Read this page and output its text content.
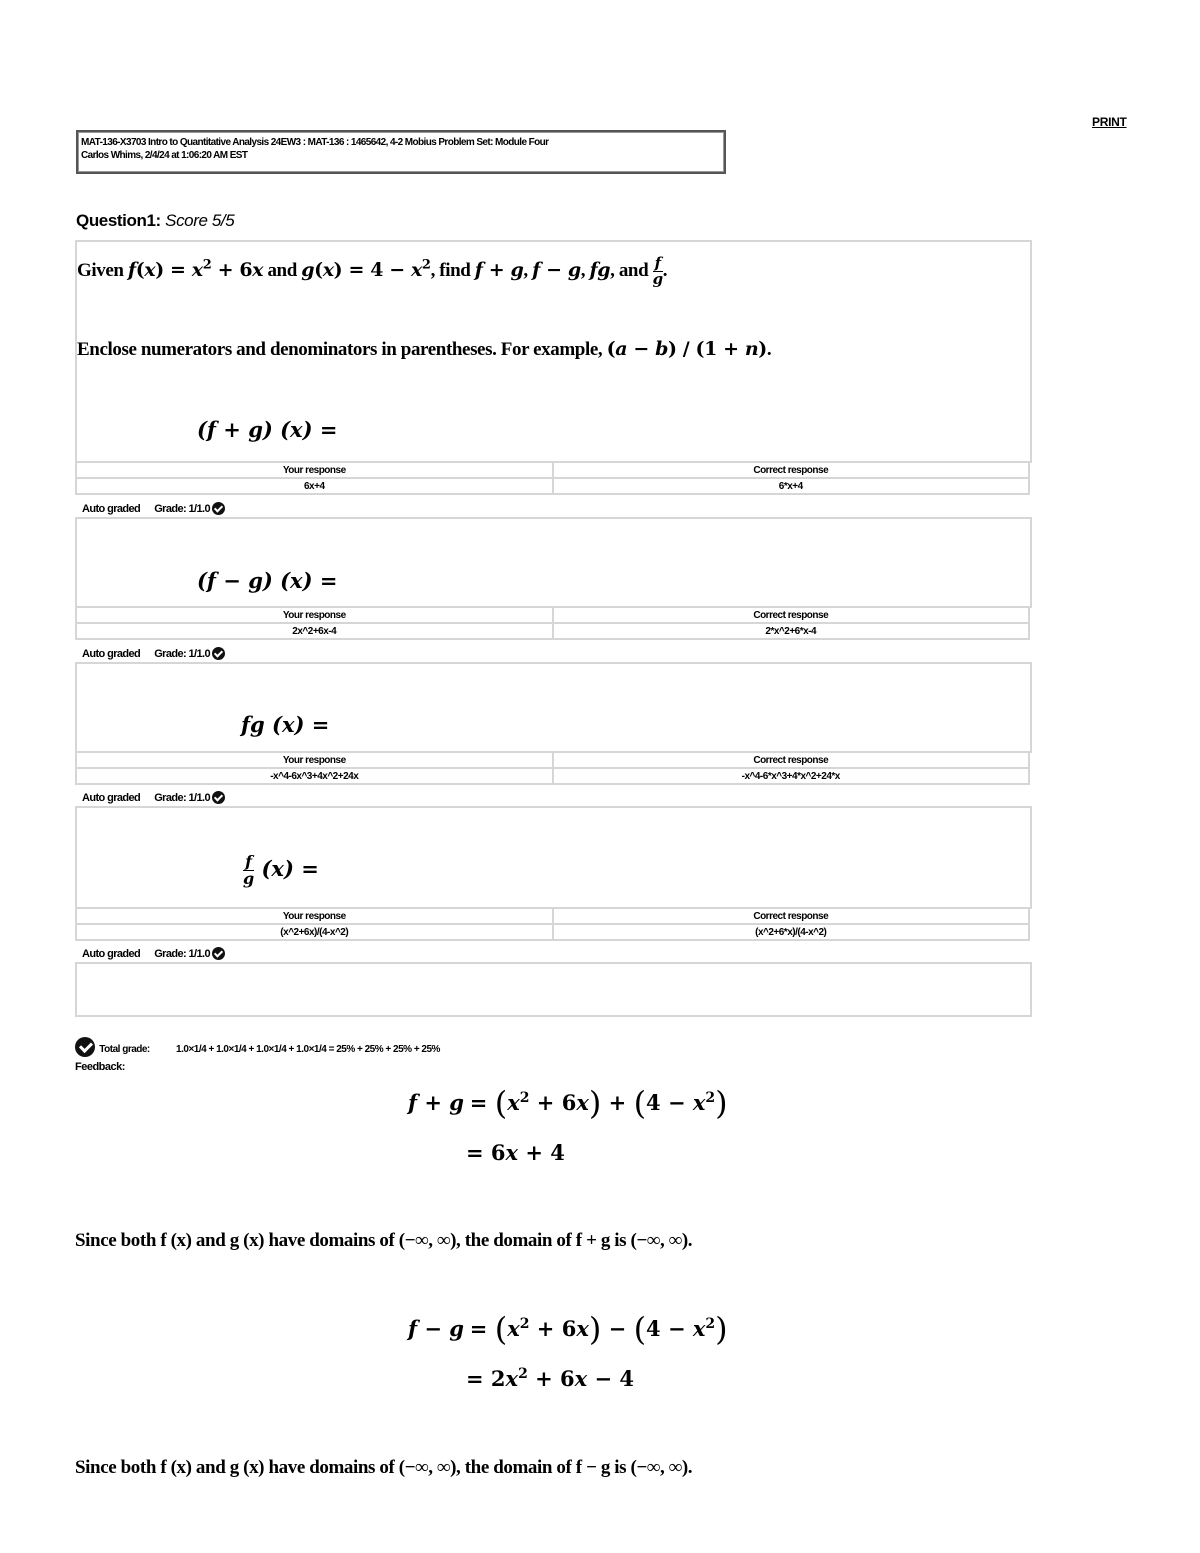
PRINT
MAT-136-X3703 Intro to Quantitative Analysis 24EW3 : MAT-136 : 1465642, 4-2 Mobius Problem Set: Module Four
Carlos Whims, 2/4/24 at 1:06:20 AM EST
Question1: Score 5/5
Given $f(x) = x^2 + 6x$ and $g(x) = 4 - x^2$, find f + g, f − g, fg, and $\frac{f}{g}$ .
Enclose numerators and denominators in parentheses. For example, (a − b) / (1 + n).
(f + g) (x) =
Your response	Correct response
6x+4	6*x+4
Auto graded Grade: 1/1.0
(f − g) (x) =
Your response	Correct response
2x^2+6x-4	2*x^2+6*x-4
Auto graded Grade: 1/1.0
fg (x) =
Your response	Correct response
-x^4-6x^3+4x^2+24x	-x^4-6*x^3+4*x^2+24*x
Auto graded Grade: 1/1.0
$\frac{f}{g} (x)$ =
Your response	Correct response
(x^2+6x)/(4-x^2)	(x^2+6*x)/(4-x^2)
Auto graded Grade: 1/1.0
Total grade:	1.0×1/4 + 1.0×1/4 + 1.0×1/4 + 1.0×1/4 = 25% + 25% + 25% + 25%
Feedback:
$f + g = (x^2 + 6x) + (4 - x^2)$
= 6x + 4
Since both f (x) and g (x) have domains of (−∞, ∞), the domain of f + g is (−∞, ∞).
$f - g = (x^2 + 6x) - (4 - x^2)$
= $2x^2 + 6x - 4$
Since both f (x) and g (x) have domains of (−∞, ∞), the domain of f − g is (−∞, ∞).
